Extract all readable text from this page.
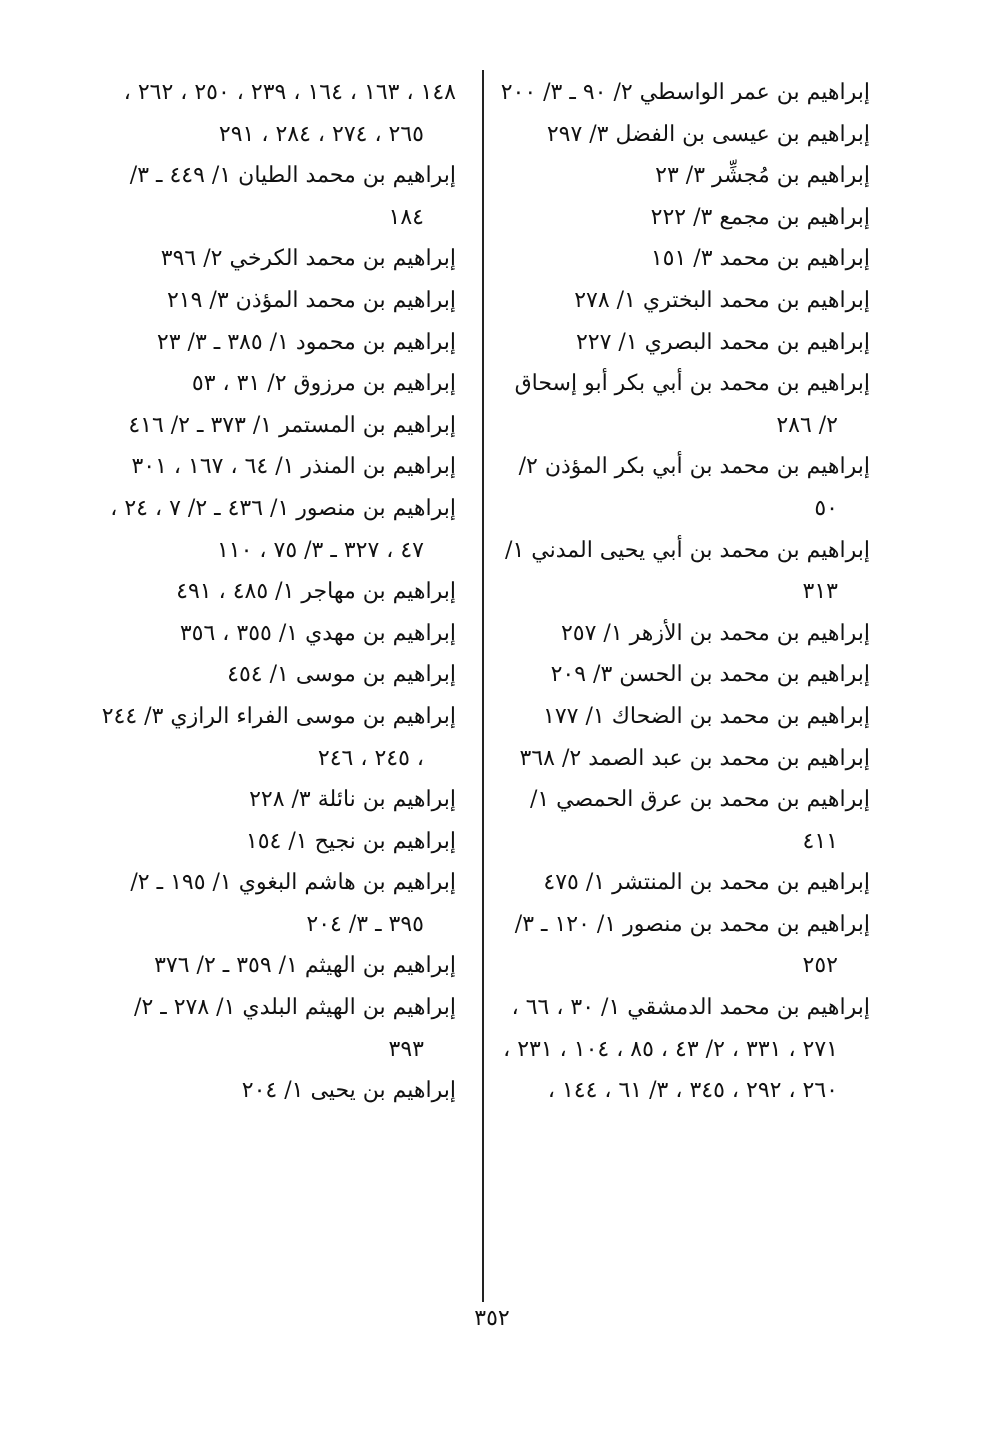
إبراهيم بن عمر الواسطي ٢/ ٩٠ ـ ٣/ ٢٠٠

إبراهيم بن عيسى بن الفضل ٣/ ٢٩٧

إبراهيم بن مُجشِّر ٣/ ٢٣

إبراهيم بن مجمع ٣/ ٢٢٢

إبراهيم بن محمد ٣/ ١٥١

إبراهيم بن محمد البختري ١/ ٢٧٨

إبراهيم بن محمد البصري ١/ ٢٢٧

إبراهيم بن محمد بن أبي بكر أبو إسحاق ٢/ ٢٨٦

إبراهيم بن محمد بن أبي بكر المؤذن ٢/ ٥٠

إبراهيم بن محمد بن أبي يحيى المدني ١/ ٣١٣

إبراهيم بن محمد بن الأزهر ١/ ٢٥٧

إبراهيم بن محمد بن الحسن ٣/ ٢٠٩

إبراهيم بن محمد بن الضحاك ١/ ١٧٧

إبراهيم بن محمد بن عبد الصمد ٢/ ٣٦٨

إبراهيم بن محمد بن عرق الحمصي ١/ ٤١١

إبراهيم بن محمد بن المنتشر ١/ ٤٧٥

إبراهيم بن محمد بن منصور ١/ ١٢٠ ـ ٣/ ٢٥٢

إبراهيم بن محمد الدمشقي ١/ ٣٠ ، ٦٦ ، ٢٧١ ، ٣٣١ ، ٢/ ٤٣ ، ٨٥ ، ١٠٤ ، ٢٣١ ، ٢٦٠ ، ٢٩٢ ، ٣٤٥ ، ٣/ ٦١ ، ١٤٤ ،

١٤٨ ، ١٦٣ ، ١٦٤ ، ٢٣٩ ، ٢٥٠ ، ٢٦٢ ، ٢٦٥ ، ٢٧٤ ، ٢٨٤ ، ٢٩١

إبراهيم بن محمد الطيان ١/ ٤٤٩ ـ ٣/ ١٨٤

إبراهيم بن محمد الكرخي ٢/ ٣٩٦

إبراهيم بن محمد المؤذن ٣/ ٢١٩

إبراهيم بن محمود ١/ ٣٨٥ ـ ٣/ ٢٣

إبراهيم بن مرزوق ٢/ ٣١ ، ٥٣

إبراهيم بن المستمر ١/ ٣٧٣ ـ ٢/ ٤١٦

إبراهيم بن المنذر ١/ ٦٤ ، ١٦٧ ، ٣٠١

إبراهيم بن منصور ١/ ٤٣٦ ـ ٢/ ٧ ، ٢٤ ، ٤٧ ، ٣٢٧ ـ ٣/ ٧٥ ، ١١٠

إبراهيم بن مهاجر ١/ ٤٨٥ ، ٤٩١

إبراهيم بن مهدي ١/ ٣٥٥ ، ٣٥٦

إبراهيم بن موسى ١/ ٤٥٤

إبراهيم بن موسى الفراء الرازي ٣/ ٢٤٤ ، ٢٤٥ ، ٢٤٦

إبراهيم بن نائلة ٣/ ٢٢٨

إبراهيم بن نجيح ١/ ١٥٤

إبراهيم بن هاشم البغوي ١/ ١٩٥ ـ ٢/ ٣٩٥ ـ ٣/ ٢٠٤

إبراهيم بن الهيثم ١/ ٣٥٩ ـ ٢/ ٣٧٦

إبراهيم بن الهيثم البلدي ١/ ٢٧٨ ـ ٢/ ٣٩٣

إبراهيم بن يحيى ١/ ٢٠٤

٣٥٢
